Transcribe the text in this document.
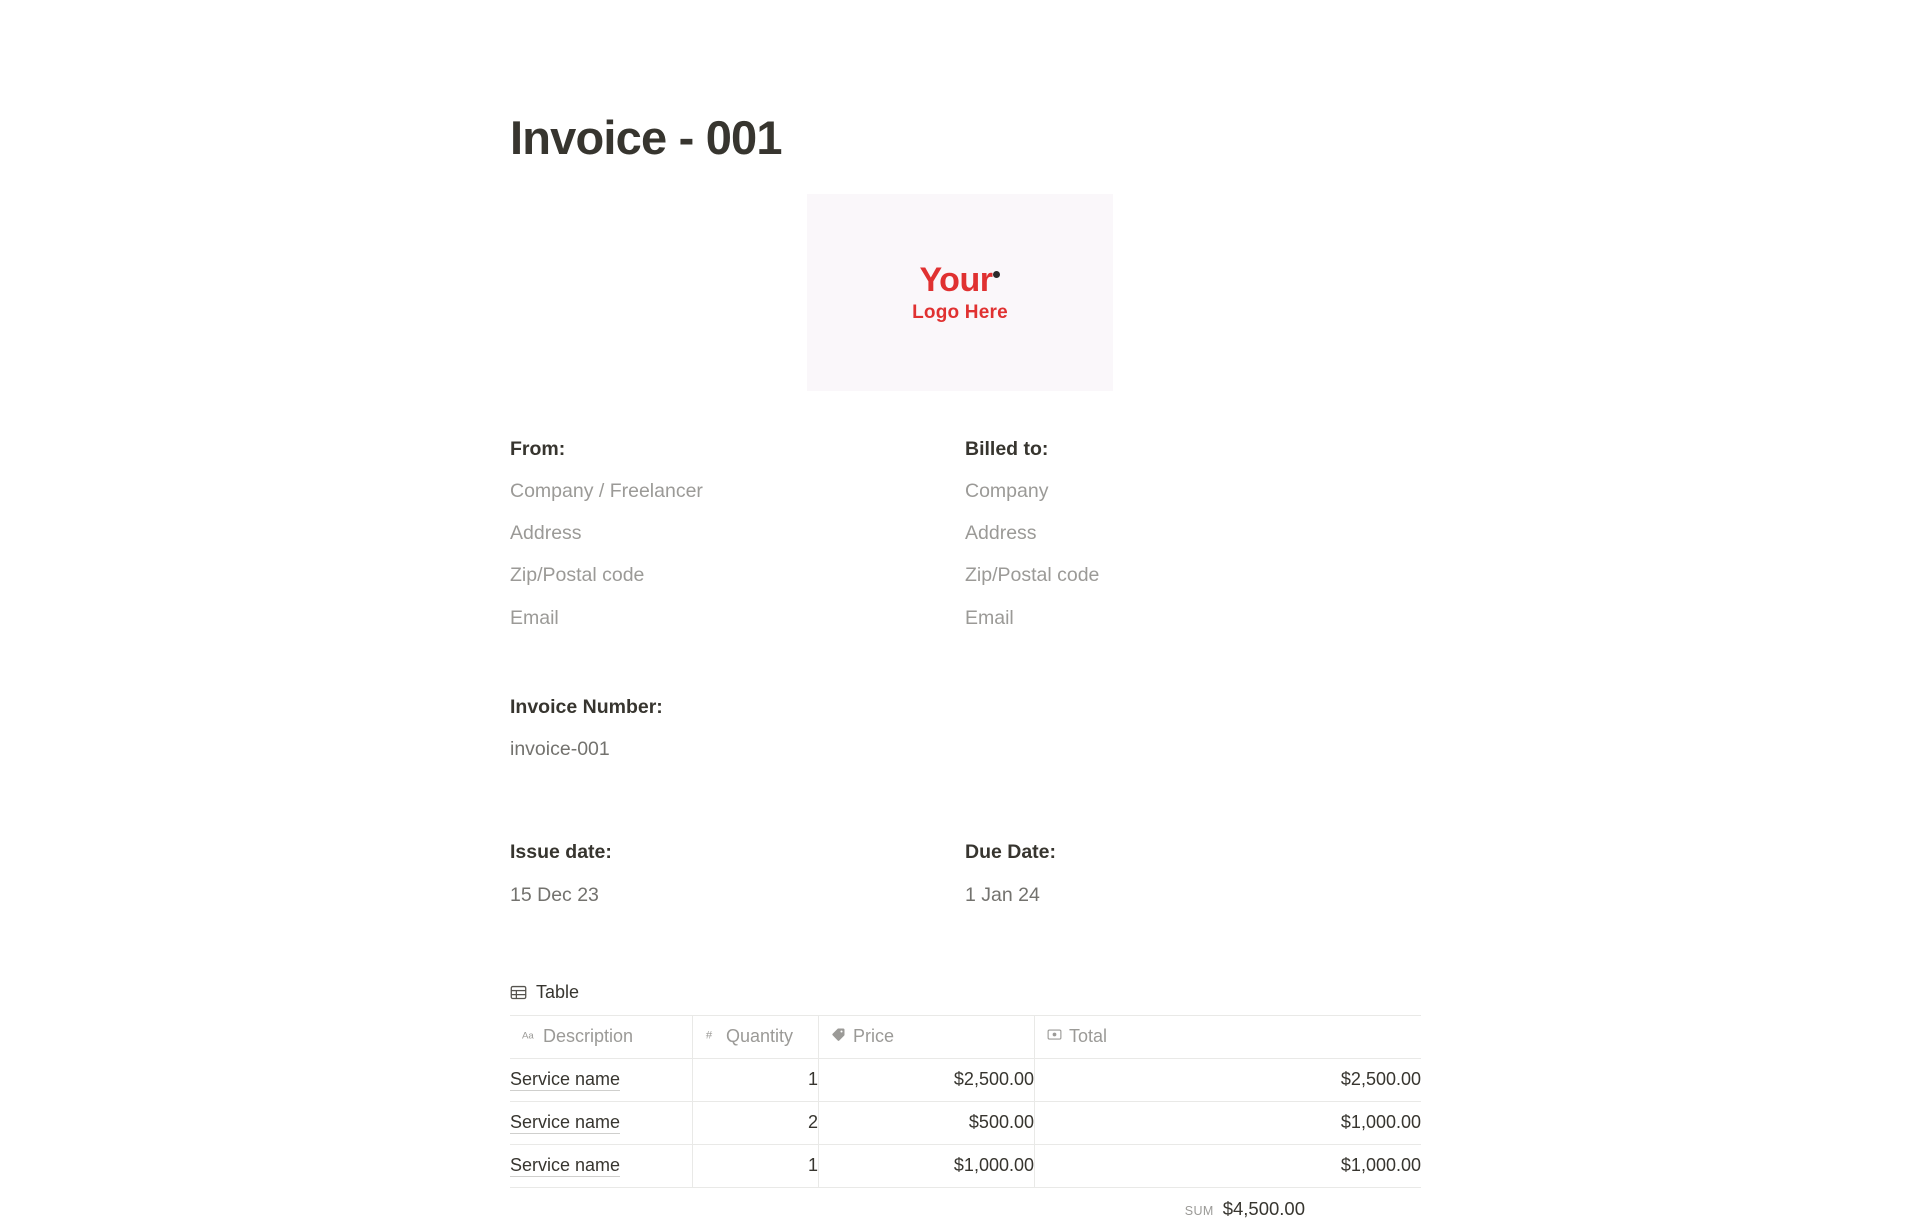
Invoice - 001
Your
Logo Here
From:
Company / Freelancer
Address
Zip/Postal code
Email
Billed to:
Company
Address
Zip/Postal code
Email
Invoice Number:
invoice-001
Issue date:
15 Dec 23
Due Date:
1 Jan 24
Table
Aa Description	# Quantity	Price	Total

Service name	1	$2,500.00	$2,500.00
Service name	2	$500.00	$1,000.00
Service name	1	$1,000.00	$1,000.00
SUM $4,500.00
